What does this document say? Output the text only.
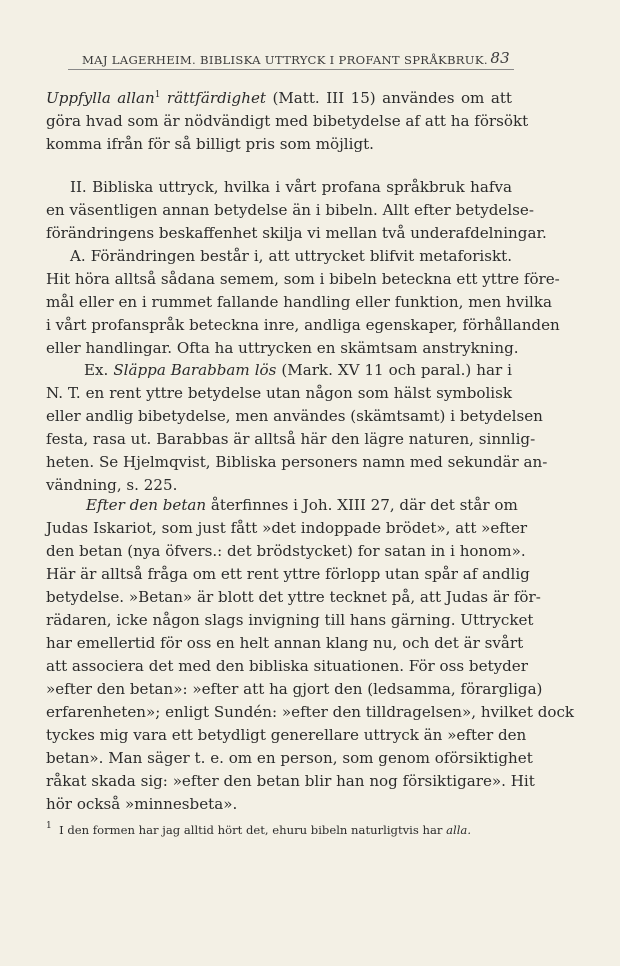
MAJ LAGERHEIM. BIBLISKA UTTRYCK I PROFANT SPRÅKBRUK. 83
Uppfylla allan$^1$ rättfärdighet (Matt. III 15) användes om att
göra hvad som är nödvändigt med bibetydelse af att ha försökt
komma ifrån för så billigt pris som möjligt.
II. Bibliska uttryck, hvilka i vårt profana språkbruk hafva
en väsentligen annan betydelse än i bibeln. Allt efter betydelse-
förändringens beskaffenhet skilja vi mellan två underafdelningar.
A. Förändringen består i, att uttrycket blifvit metaforiskt.
Hit höra alltså sådana semem, som i bibeln beteckna ett yttre före-
mål eller en i rummet fallande handling eller funktion, men hvilka
i vårt profanspråk beteckna inre, andliga egenskaper, förhållanden
eller handlingar. Ofta ha uttrycken en skämtsam anstrykning.
Ex. Släppa Barabbam lös (Mark. XV 11 och paral.) har i
N. T. en rent yttre betydelse utan någon som hälst symbolisk
eller andlig bibetydelse, men användes (skämtsamt) i betydelsen
festa, rasa ut. Barabbas är alltså här den lägre naturen, sinnlig-
heten. Se Hjelmqvist, Bibliska personers namn med sekundär an-
vändning, s. 225.
Efter den betan återfinnes i Joh. XIII 27, där det står om
Judas Iskariot, som just fått »det indoppade brödet», att »efter
den betan (nya öfvers.: det brödstycket) for satan in i honom».
Här är alltså fråga om ett rent yttre förlopp utan spår af andlig
betydelse. »Betan» är blott det yttre tecknet på, att Judas är för-
rädaren, icke någon slags invigning till hans gärning. Uttrycket
har emellertid för oss en helt annan klang nu, och det är svårt
att associera det med den bibliska situationen. För oss betyder
»efter den betan»: »efter att ha gjort den (ledsamma, förargliga)
erfarenheten»; enligt Sundén: »efter den tilldragelsen», hvilket dock
tyckes mig vara ett betydligt generellare uttryck än »efter den
betan». Man säger t. e. om en person, som genom oförsiktighet
råkat skada sig: »efter den betan blir han nog försiktigare». Hit
hör också »minnesbeta».
$^1$ I den formen har jag alltid hört det, ehuru bibeln naturligtvis har alla.
